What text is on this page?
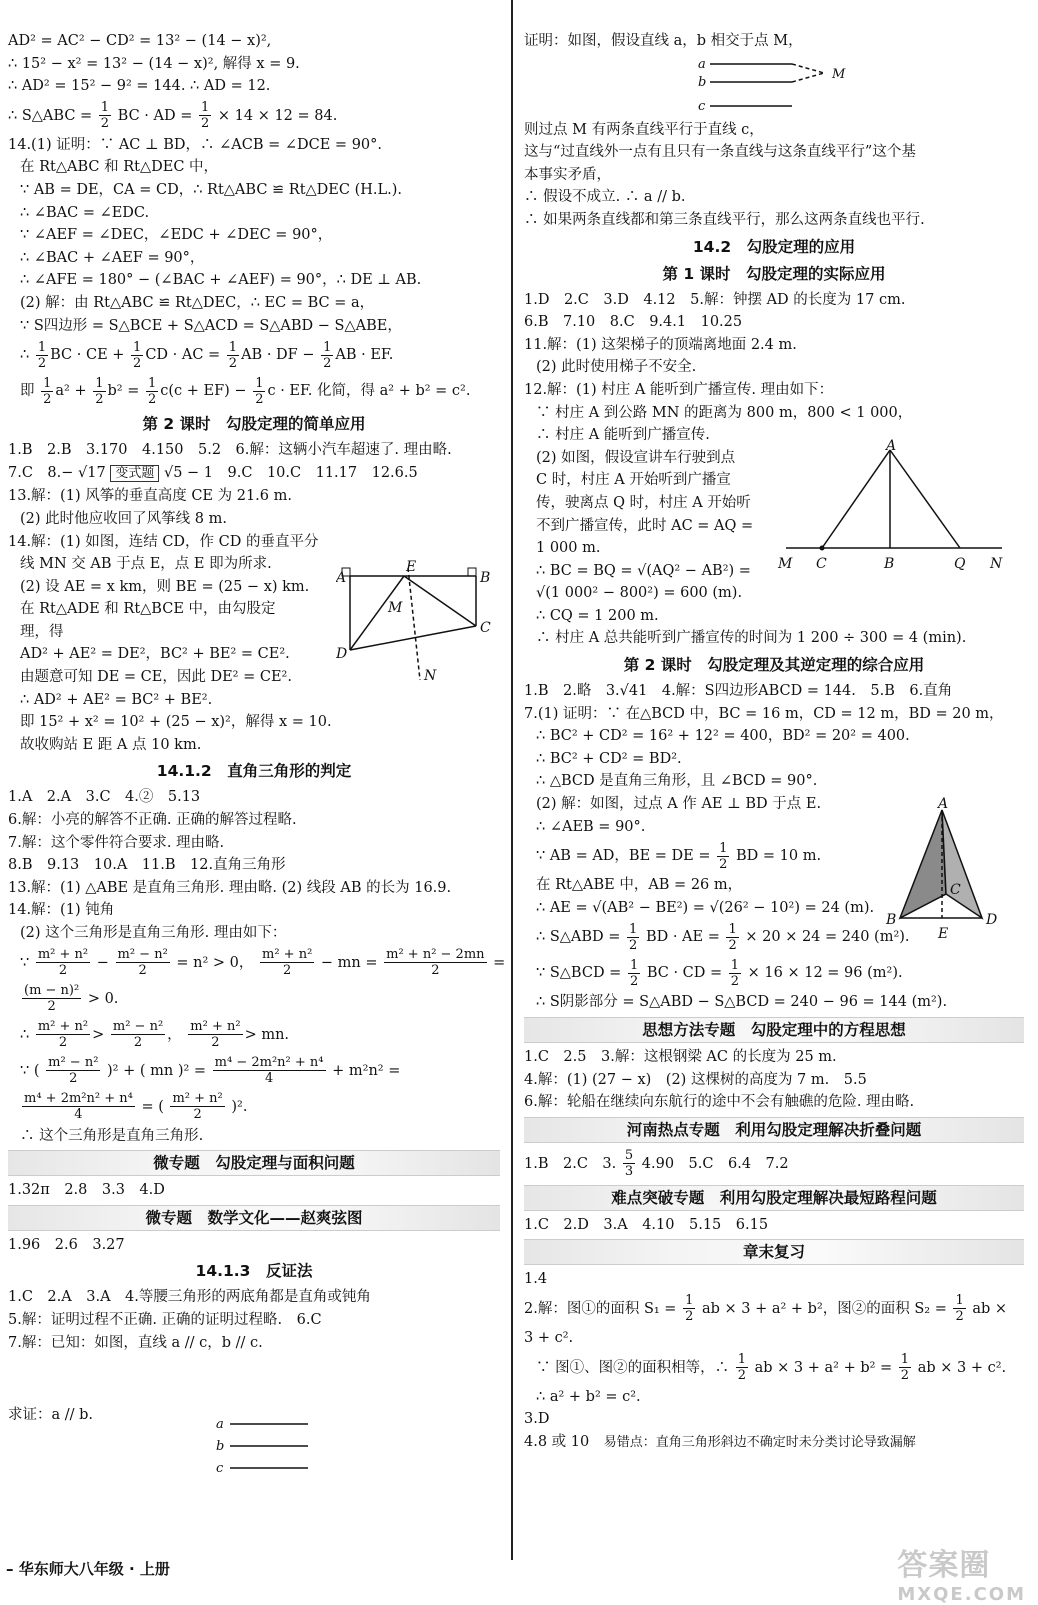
AD² = AC² − CD² = 13² − (14 − x)²,
∴ 15² − x² = 13² − (14 − x)², 解得 x = 9.
∴ AD² = 15² − 9² = 144. ∴ AD = 12.
∴ S△ABC = $\frac{1}{2}$ BC · AD = $\frac{1}{2} \times 14 \times 12 = 84$.
14.(1) 证明：∵ AC ⊥ BD，∴ ∠ACB = ∠DCE = 90°.
在 Rt△ABC 和 Rt△DEC 中，
∵ AB = DE，CA = CD，∴ Rt△ABC ≌ Rt△DEC (H.L.).
∴ ∠BAC = ∠EDC.
∵ ∠AEF = ∠DEC，∠EDC + ∠DEC = 90°，
∴ ∠BAC + ∠AEF = 90°，
∴ ∠AFE = 180° − (∠BAC + ∠AEF) = 90°，∴ DE ⊥ AB.
(2) 解：由 Rt△ABC ≌ Rt△DEC，∴ EC = BC = a，
∵ S四边形 = S△BCE + S△ACD = S△ABD − S△ABE，
∴ $\frac{1}{2}$ BC · CE + $\frac{1}{2}$ CD · AC = $\frac{1}{2}$ AB · DF − $\frac{1}{2}$ AB · EF.
即 $\frac{1}{2} a^2 + \frac{1}{2} b^2 = \frac{1}{2} c(c + EF) - \frac{1}{2}$ c · EF. 化简，得 a² + b² = c².
第 2 课时　勾股定理的简单应用
1.B　2.B　3.170　4.150　5.2　6.解：这辆小汽车超速了. 理由略.
7.C　8.− √17 变式题 √5 − 1　9.C　10.C　11.17　12.6.5
13.解：(1) 风筝的垂直高度 CE 为 21.6 m.
(2) 此时他应收回了风筝线 8 m.
14.解：(1) 如图，连结 CD，作 CD 的垂直平分
线 MN 交 AB 于点 E，点 E 即为所求.
(2) 设 AE = x km，则 BE = (25 − x) km.
在 Rt△ADE 和 Rt△BCE 中，由勾股定
理，得
AD² + AE² = DE²，BC² + BE² = CE².
由题意可知 DE = CE，因此 DE² = CE².
∴ AD² + AE² = BC² + BE².
即 15² + x² = 10² + (25 − x)²，解得 x = 10.
故收购站 E 距 A 点 10 km.
14.1.2　直角三角形的判定
1.A　2.A　3.C　4.②　5.13
6.解：小亮的解答不正确. 正确的解答过程略.
7.解：这个零件符合要求. 理由略.
8.B　9.13　10.A　11.B　12.直角三角形
13.解：(1) △ABE 是直角三角形. 理由略. (2) 线段 AB 的长为 16.9.
14.解：(1) 钝角
(2) 这个三角形是直角三角形. 理由如下：
∵ $\frac{\text{m² + n²}}{2} - \frac{\text{m² − n²}}{2} = n^2 > 0$， $\frac{\text{m² + n²}}{2}$ − mn = $\frac{\text{m² + n² − 2mn}}{2}$ =
$\frac{\text{(m − n)²}}{2} > 0$.
∴ $\frac{\text{m² + n²}}{2} > \frac{\text{m² − n²}}{2}$ ， $\frac{\text{m² + n²}}{2}$ > mn.
∵ ( $\frac{\text{m² − n²}}{2} )^2$ + ( mn )$^2 = \frac{\text{m⁴ − 2m²n² + n⁴}}{4} + m^2n^2$ =
$\frac{\text{m⁴ + 2m²n² + n⁴}}{4}$ = ( $\frac{\text{m² + n²}}{2} )^2$.
∴ 这个三角形是直角三角形.
微专题　勾股定理与面积问题
1.32π　2.8　3.3　4.D
微专题　数学文化——赵爽弦图
1.96　2.6　3.27
14.1.3　反证法
1.C　2.A　3.A　4.等腰三角形的两底角都是直角或钝角
5.解：证明过程不正确. 正确的证明过程略.　6.C
7.解：已知：如图，直线 a // c，b // c.
求证：a // b.
证明：如图，假设直线 a，b 相交于点 M，
则过点 M 有两条直线平行于直线 c，
这与“过直线外一点有且只有一条直线与这条直线平行”这个基
本事实矛盾，
∴ 假设不成立. ∴ a // b.
∴ 如果两条直线都和第三条直线平行，那么这两条直线也平行.
14.2　勾股定理的应用
第 1 课时　勾股定理的实际应用
1.D　2.C　3.D　4.12　5.解：钟摆 AD 的长度为 17 cm.
6.B　7.10　8.C　9.4.1　10.25
11.解：(1) 这架梯子的顶端离地面 2.4 m.
(2) 此时使用梯子不安全.
12.解：(1) 村庄 A 能听到广播宣传. 理由如下：
∵ 村庄 A 到公路 MN 的距离为 800 m，800 < 1 000，
∴ 村庄 A 能听到广播宣传.
(2) 如图，假设宣讲车行驶到点
C 时，村庄 A 开始听到广播宣
传，驶离点 Q 时，村庄 A 开始听
不到广播宣传，此时 AC = AQ =
1 000 m.
∴ BC = BQ = √(AQ² − AB²) =
√(1 000² − 800²) = 600 (m).
∴ CQ = 1 200 m.
∴ 村庄 A 总共能听到广播宣传的时间为 1 200 ÷ 300 = 4 (min).
第 2 课时　勾股定理及其逆定理的综合应用
1.B　2.略　3.√41　4.解：S四边形ABCD = 144.　5.B　6.直角
7.(1) 证明：∵ 在△BCD 中，BC = 16 m，CD = 12 m，BD = 20 m，
∴ BC² + CD² = 16² + 12² = 400，BD² = 20² = 400.
∴ BC² + CD² = BD².
∴ △BCD 是直角三角形，且 ∠BCD = 90°.
(2) 解：如图，过点 A 作 AE ⊥ BD 于点 E.
∴ ∠AEB = 90°.
∵ AB = AD，BE = DE = $\frac{1}{2}$ BD = 10 m.
在 Rt△ABE 中，AB = 26 m，
∴ AE = √(AB² − BE²) = √(26² − 10²) = 24 (m).
∴ S△ABD = $\frac{1}{2}$ BD · AE = $\frac{1}{2} \times 20 \times 24 = 240$ (m²).
∵ S△BCD = $\frac{1}{2}$ BC · CD = $\frac{1}{2} \times 16 \times 12 = 96$ (m²).
∴ S阴影部分 = S△ABD − S△BCD = 240 − 96 = 144 (m²).
思想方法专题　勾股定理中的方程思想
1.C　2.5　3.解：这根钢梁 AC 的长度为 25 m.
4.解：(1) (27 − x)　(2) 这棵树的高度为 7 m.　5.5
6.解：轮船在继续向东航行的途中不会有触礁的危险. 理由略.
河南热点专题　利用勾股定理解决折叠问题
1.B　2.C　3. $\frac{5}{3} 4.90$　5.C　6.4　7.2
难点突破专题　利用勾股定理解决最短路程问题
1.C　2.D　3.A　4.10　5.15　6.15
章末复习
1.4
2.解：图①的面积 $S_1 = \frac{1}{2}$ ab × 3 + a² + b²，图②的面积 $S_2 = \frac{1}{2}$ ab ×
3 + c².
∵ 图①、图②的面积相等，∴ $\frac{1}{2}$ ab × $3 + a^2 + b^2 = \frac{1}{2}$ ab × 3 + c².
∴ a² + b² = c².
3.D
4.8 或 10　 易错点：直角三角形斜边不确定时未分类讨论导致漏解
A	B
E
M
C
D
N
a
b
c
M
A
M C	B	Q N
A
B	D
C
E
a
b
c
– 华东师大八年级 · 上册	答案圈
MXQE.COM
